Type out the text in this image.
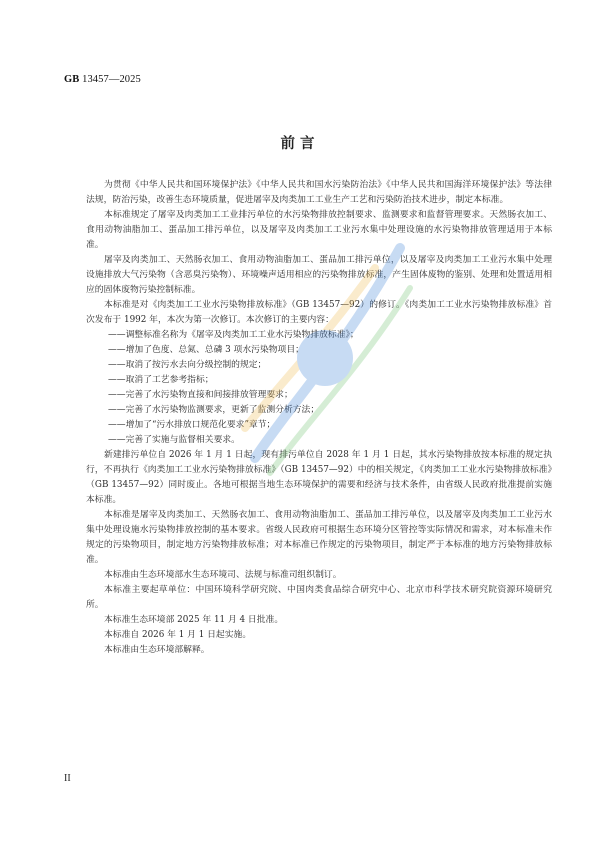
GB 13457—2025
前 言

为贯彻《中华人民共和国环境保护法》《中华人民共和国水污染防治法》《中华人民共和国海洋环境保护法》等法律法规，防治污染，改善生态环境质量，促进屠宰及肉类加工工业生产工艺和污染防治技术进步，制定本标准。

本标准规定了屠宰及肉类加工工业排污单位的水污染物排放控制要求、监测要求和监督管理要求。天然肠衣加工、食用动物油脂加工、蛋品加工排污单位，以及屠宰及肉类加工工业污水集中处理设施的水污染物排放管理适用于本标准。

屠宰及肉类加工、天然肠衣加工、食用动物油脂加工、蛋品加工排污单位，以及屠宰及肉类加工工业污水集中处理设施排放大气污染物（含恶臭污染物）、环境噪声适用相应的污染物排放标准，产生固体废物的鉴别、处理和处置适用相应的固体废物污染控制标准。

本标准是对《肉类加工工业水污染物排放标准》（GB 13457—92）的修订。《肉类加工工业水污染物排放标准》首次发布于 1992 年，本次为第一次修订。本次修订的主要内容：

——调整标准名称为《屠宰及肉类加工工业水污染物排放标准》；

——增加了色度、总氮、总磷 3 项水污染物项目；

——取消了按污水去向分级控制的规定；

——取消了工艺参考指标；

——完善了水污染物直接和间接排放管理要求；

——完善了水污染物监测要求，更新了监测分析方法；

——增加了“污水排放口规范化要求”章节；

——完善了实施与监督相关要求。

新建排污单位自 2026 年 1 月 1 日起，现有排污单位自 2028 年 1 月 1 日起，其水污染物排放按本标准的规定执行，不再执行《肉类加工工业水污染物排放标准》（GB 13457—92）中的相关规定，《肉类加工工业水污染物排放标准》（GB 13457—92）同时废止。各地可根据当地生态环境保护的需要和经济与技术条件，由省级人民政府批准提前实施本标准。

本标准是屠宰及肉类加工、天然肠衣加工、食用动物油脂加工、蛋品加工排污单位，以及屠宰及肉类加工工业污水集中处理设施水污染物排放控制的基本要求。省级人民政府可根据生态环境分区管控等实际情况和需求，对本标准未作规定的污染物项目，制定地方污染物排放标准；对本标准已作规定的污染物项目，制定严于本标准的地方污染物排放标准。

本标准由生态环境部水生态环境司、法规与标准司组织制订。

本标准主要起草单位：中国环境科学研究院、中国肉类食品综合研究中心、北京市科学技术研究院资源环境研究所。

本标准生态环境部 2025 年 11 月 4 日批准。

本标准自 2026 年 1 月 1 日起实施。

本标准由生态环境部解释。

II
